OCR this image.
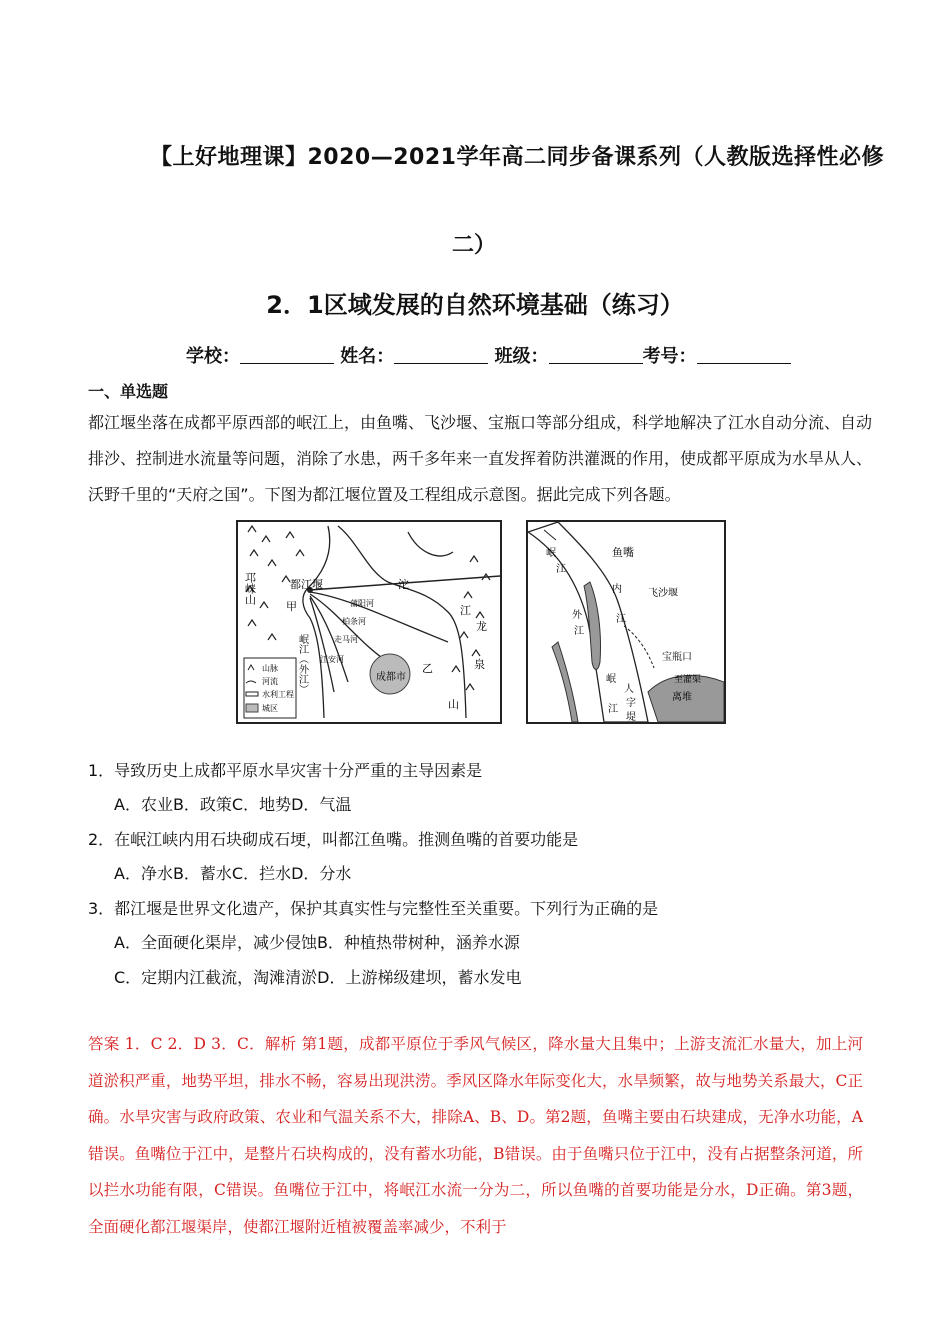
【上好地理课】2020—2021学年高二同步备课系列（人教版选择性必修
二）
2．1区域发展的自然环境基础（练习）
学校：	姓名：	班级：	考号：
一、单选题
都江堰坐落在成都平原西部的岷江上，由鱼嘴、飞沙堰、宝瓶口等部分组成，科学地解决了江水自动分流、自动排沙、控制进水流量等问题，消除了水患，两千多年来一直发挥着防洪灌溉的作用，使成都平原成为水旱从人、沃野千里的“天府之国”。下图为都江堰位置及工程组成示意图。据此完成下列各题。
邛崃山	都江堰
甲
沱
江
龙
泉
山
岷江（外江）	成都市
乙
蒲阳河
柏条河
走马河
江安河
山脉
河流
水利工程
城区
岷
江
鱼嘴
内
江
外
江
飞沙堰
宝瓶口
至灌渠
离堆
岷
江
人
字
堤
1．导致历史上成都平原水旱灾害十分严重的主导因素是
A．农业B．政策C．地势D．气温
2．在岷江峡内用石块砌成石埂，叫都江鱼嘴。推测鱼嘴的首要功能是
A．净水B．蓄水C．拦水D．分水
3．都江堰是世界文化遗产，保护其真实性与完整性至关重要。下列行为正确的是
A．全面硬化渠岸，减少侵蚀B．种植热带树种，涵养水源
C．定期内江截流，淘滩清淤D．上游梯级建坝，蓄水发电
答案 1．C 2．D 3．C．解析 第1题，成都平原位于季风气候区，降水量大且集中；上游支流汇水量大，加上河道淤积严重，地势平坦，排水不畅，容易出现洪涝。季风区降水年际变化大，水旱频繁，故与地势关系最大，C正确。水旱灾害与政府政策、农业和气温关系不大，排除A、B、D。第2题，鱼嘴主要由石块建成，无净水功能，A错误。鱼嘴位于江中，是整片石块构成的，没有蓄水功能，B错误。由于鱼嘴只位于江中，没有占据整条河道，所以拦水功能有限，C错误。鱼嘴位于江中，将岷江水流一分为二，所以鱼嘴的首要功能是分水，D正确。第3题，全面硬化都江堰渠岸，使都江堰附近植被覆盖率减少，不利于
